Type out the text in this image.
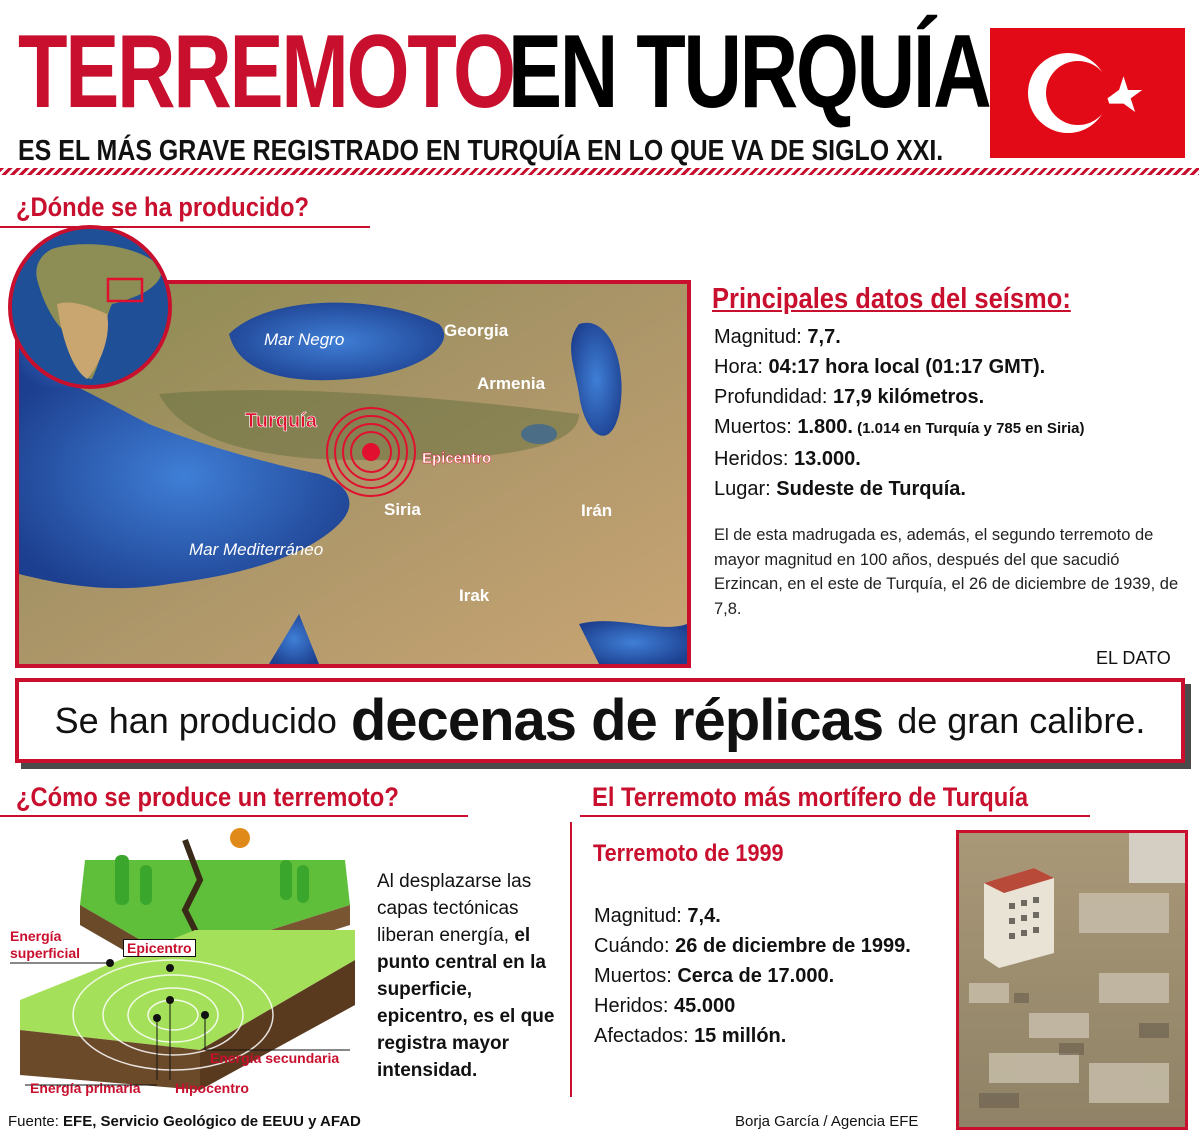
TERREMOTO
EN TURQUÍA
ES EL MÁS GRAVE REGISTRADO EN TURQUÍA EN LO QUE VA DE SIGLO XXI.
¿Dónde se ha producido?
Mar Negro	Georgia
Armenia
Turquía
Epicentro
Siria	Irán
Mar Mediterráneo
Irak
Principales datos del seísmo:
Magnitud: 7,7.
Hora: 04:17 hora local (01:17 GMT).
Profundidad: 17,9 kilómetros.
Muertos: 1.800. (1.014 en Turquía y 785 en Siria)
Heridos: 13.000.
Lugar: Sudeste de Turquía.
El de esta madrugada es, además, el segundo terremoto de mayor magnitud en 100 años, después del que sacudió Erzincan, en el este de Turquía, el 26 de diciembre de 1939, de 7,8.
EL DATO
Se han producido decenas de réplicas de gran calibre.
¿Cómo se produce un terremoto?
Energía superficial	Epicentro
Energía secundaria
Energía primaria Hipocentro
Al desplazarse las capas tectónicas liberan energía, el punto central en la superficie, epicentro, es el que registra mayor intensidad.
El Terremoto más mortífero de Turquía
Terremoto de 1999
Magnitud: 7,4.
Cuándo: 26 de diciembre de 1999.
Muertos: Cerca de 17.000.
Heridos: 45.000
Afectados: 15 millón.
Fuente: EFE, Servicio Geológico de EEUU y AFAD	Borja García / Agencia EFE
